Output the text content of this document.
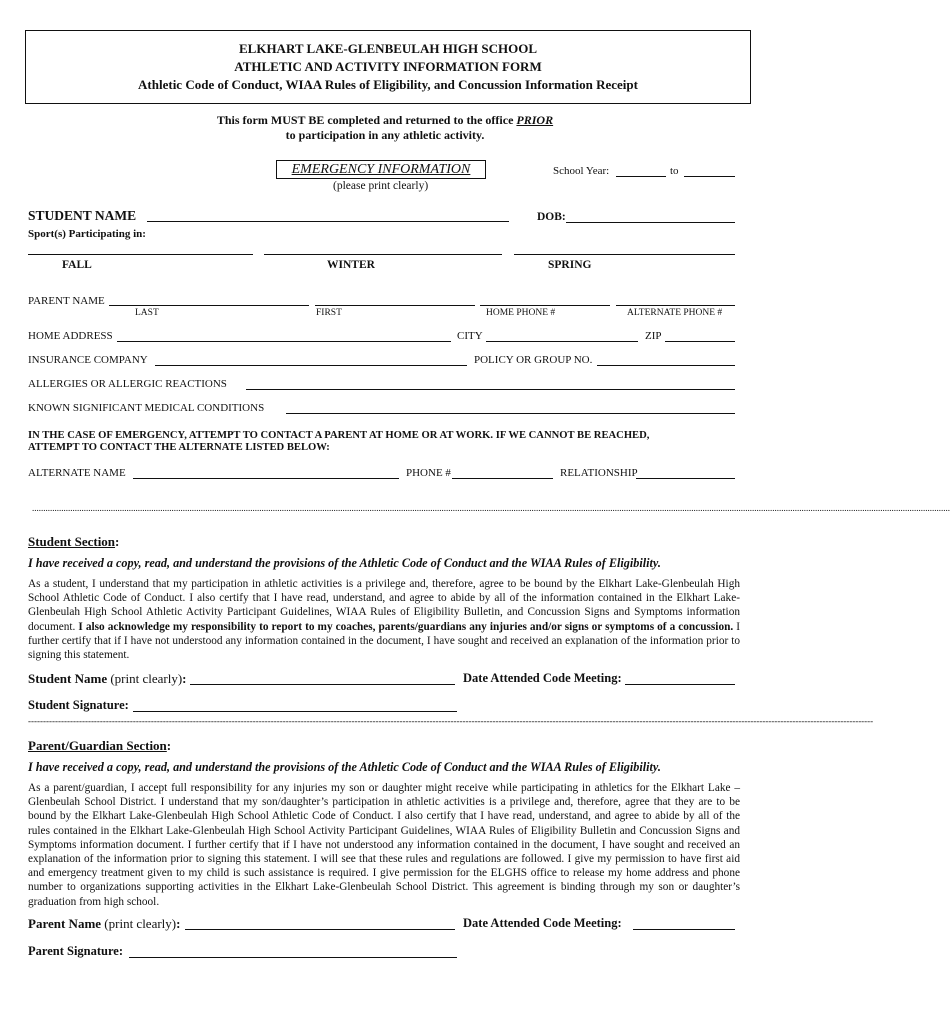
ELKHART LAKE-GLENBEULAH HIGH SCHOOL
ATHLETIC AND ACTIVITY INFORMATION FORM
Athletic Code of Conduct, WIAA Rules of Eligibility, and Concussion Information Receipt
This form MUST BE completed and returned to the office PRIOR
to participation in any athletic activity.
EMERGENCY INFORMATION
(please print clearly)
School Year:	to
STUDENT NAME	DOB:
Sport(s) Participating in:
FALL	WINTER	SPRING
PARENT NAME
LAST	FIRST	HOME PHONE #	ALTERNATE PHONE #
HOME ADDRESS	CITY	ZIP
INSURANCE COMPANY	POLICY OR GROUP NO.
ALLERGIES OR ALLERGIC REACTIONS
KNOWN SIGNIFICANT MEDICAL CONDITIONS
IN THE CASE OF EMERGENCY, ATTEMPT TO CONTACT A PARENT AT HOME OR AT WORK. IF WE CANNOT BE REACHED,
ATTEMPT TO CONTACT THE ALTERNATE LISTED BELOW:
ALTERNATE NAME	PHONE #	RELATIONSHIP
........................................................................................................................................................................................................................................................................................................................................................................................................................
Student Section:
I have received a copy, read, and understand the provisions of the Athletic Code of Conduct and the WIAA Rules of Eligibility.
As a student, I understand that my participation in athletic activities is a privilege and, therefore, agree to be bound by the Elkhart Lake-Glenbeulah High School Athletic Code of Conduct. I also certify that I have read, understand, and agree to abide by all of the information contained in the Elkhart Lake-Glenbeulah High School Athletic Activity Participant Guidelines, WIAA Rules of Eligibility Bulletin, and Concussion Signs and Symptoms information document. I also acknowledge my responsibility to report to my coaches, parents/guardians any injuries and/or signs or symptoms of a concussion. I further certify that if I have not understood any information contained in the document, I have sought and received an explanation of the information prior to signing this statement.
Student Name (print clearly):	Date Attended Code Meeting:
Student Signature:
------------------------------------------------------------------------------------------------------------------------------------------------------------------------------------------------------------------------------------------------------------------------------------------
Parent/Guardian Section:
I have received a copy, read, and understand the provisions of the Athletic Code of Conduct and the WIAA Rules of Eligibility.
As a parent/guardian, I accept full responsibility for any injuries my son or daughter might receive while participating in athletics for the Elkhart Lake – Glenbeulah School District. I understand that my son/daughter’s participation in athletic activities is a privilege and, therefore, agree that they are to be bound by the Elkhart Lake-Glenbeulah High School Athletic Code of Conduct. I also certify that I have read, understand, and agree to abide by all of the rules contained in the Elkhart Lake-Glenbeulah High School Activity Participant Guidelines, WIAA Rules of Eligibility Bulletin and Concussion Signs and Symptoms information document. I further certify that if I have not understood any information contained in the document, I have sought and received an explanation of the information prior to signing this statement. I will see that these rules and regulations are followed. I give my permission to have first aid and emergency treatment given to my child is such assistance is required. I give permission for the ELGHS office to release my home address and phone number to organizations supporting activities in the Elkhart Lake-Glenbeulah School District. This agreement is binding through my son or daughter’s graduation from high school.
Parent Name (print clearly):	Date Attended Code Meeting:
Parent Signature:
